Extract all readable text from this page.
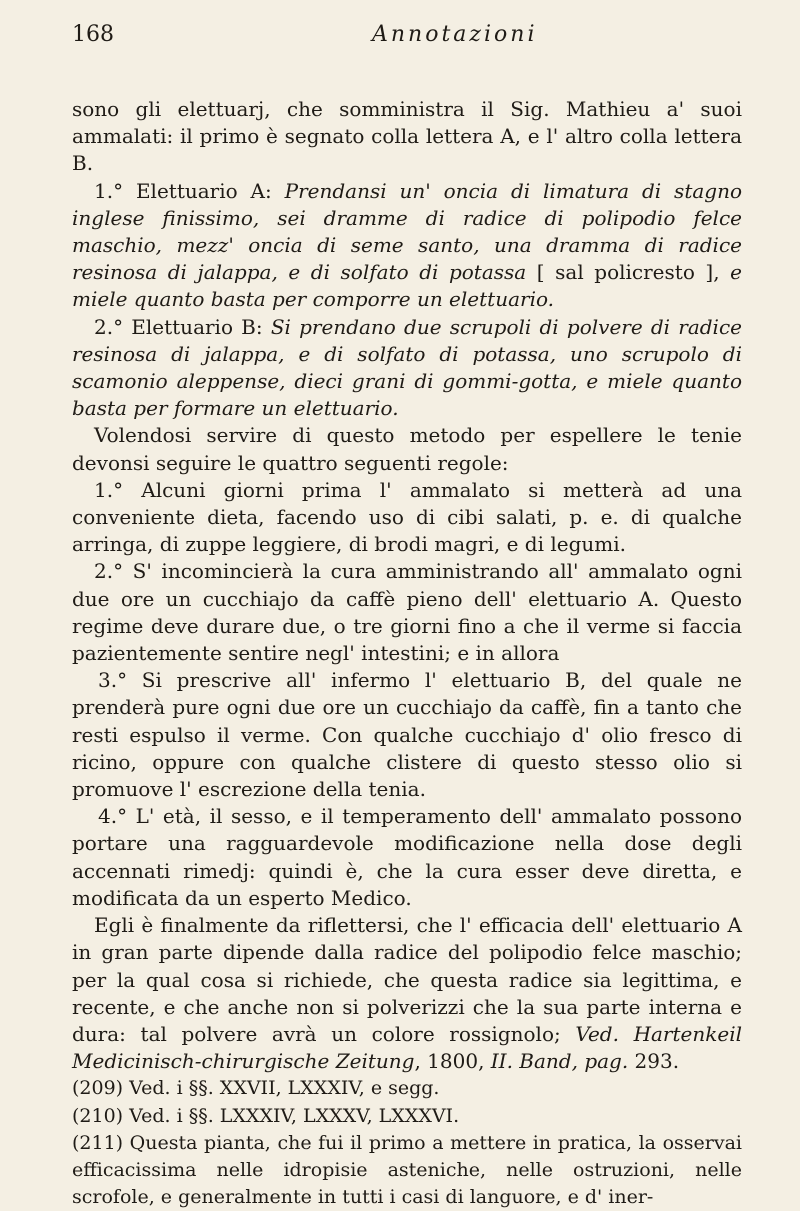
168	Annotazioni

sono gli elettuarj, che somministra il Sig. Mathieu a' suoi ammalati: il primo è segnato colla lettera A, e l' altro colla lettera B.

1.° Elettuario A: Prendansi un' oncia di limatura di stagno inglese finissimo, sei dramme di radice di polipodio felce maschio, mezz' oncia di seme santo, una dramma di radice resinosa di jalappa, e di solfato di potassa [ sal policresto ], e miele quanto basta per comporre un elettuario.

2.° Elettuario B: Si prendano due scrupoli di polvere di radice resinosa di jalappa, e di solfato di potassa, uno scrupolo di scamonio aleppense, dieci grani di gommi-gotta, e miele quanto basta per formare un elettuario.

Volendosi servire di questo metodo per espellere le tenie devonsi seguire le quattro seguenti regole:

1.° Alcuni giorni prima l' ammalato si metterà ad una conveniente dieta, facendo uso di cibi salati, p. e. di qualche arringa, di zuppe leggiere, di brodi magri, e di legumi.

2.° S' incomincierà la cura amministrando all' ammalato ogni due ore un cucchiajo da caffè pieno dell' elettuario A. Questo regime deve durare due, o tre giorni fino a che il verme si faccia pazientemente sentire negl' intestini; e in allora

3.° Si prescrive all' infermo l' elettuario B, del quale ne prenderà pure ogni due ore un cucchiajo da caffè, fin a tanto che resti espulso il verme. Con qualche cucchiajo d' olio fresco di ricino, oppure con qualche clistere di questo stesso olio si promuove l' escrezione della tenia.

4.° L' età, il sesso, e il temperamento dell' ammalato possono portare una ragguardevole modificazione nella dose degli accennati rimedj: quindi è, che la cura esser deve diretta, e modificata da un esperto Medico.

Egli è finalmente da riflettersi, che l' efficacia dell' elettuario A in gran parte dipende dalla radice del polipodio felce maschio; per la qual cosa si richiede, che questa radice sia legittima, e recente, e che anche non si polverizzi che la sua parte interna e dura: tal polvere avrà un colore rossignolo; Ved. Hartenkeil Medicinisch-chirurgische Zeitung, 1800, II. Band, pag. 293.

(209) Ved. i §§. XXVII, LXXXIV, e segg.

(210) Ved. i §§. LXXXIV, LXXXV, LXXXVI.

(211) Questa pianta, che fui il primo a mettere in pratica, la osservai efficacissima nelle idropisie asteniche, nelle ostruzioni, nelle scrofole, e generalmente in tutti i casi di languore, e d' iner-
